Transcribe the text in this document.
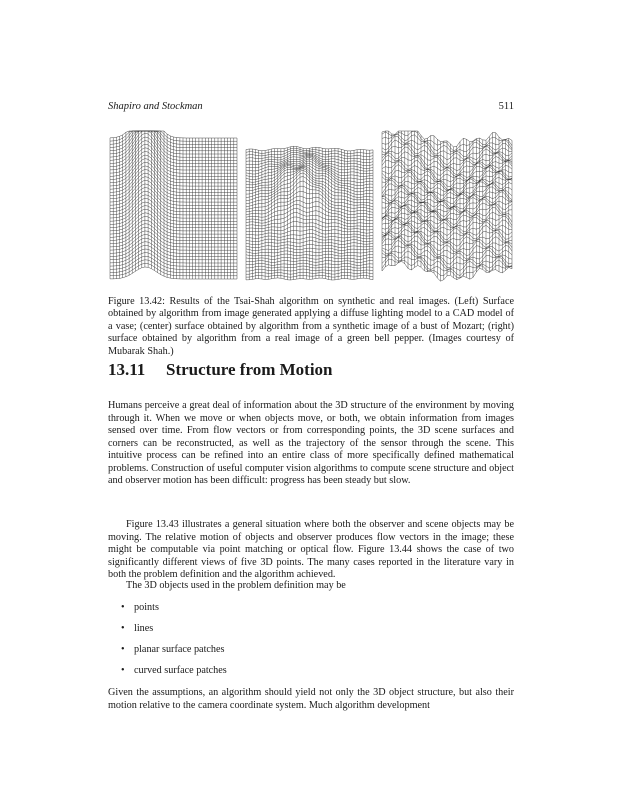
Shapiro and Stockman	511
Figure 13.42: Results of the Tsai-Shah algorithm on synthetic and real images. (Left) Surface obtained by algorithm from image generated applying a diffuse lighting model to a CAD model of a vase; (center) surface obtained by algorithm from a synthetic image of a bust of Mozart; (right) surface obtained by algorithm from a real image of a green bell pepper. (Images courtesy of Mubarak Shah.)
13.11 Structure from Motion
Humans perceive a great deal of information about the 3D structure of the environment by moving through it. When we move or when objects move, or both, we obtain information from images sensed over time. From flow vectors or from corresponding points, the 3D scene surfaces and corners can be reconstructed, as well as the trajectory of the sensor through the scene. This intuitive process can be refined into an entire class of more specifically defined mathematical problems. Construction of useful computer vision algorithms to compute scene structure and object and observer motion has been difficult: progress has been steady but slow.
Figure 13.43 illustrates a general situation where both the observer and scene objects may be moving. The relative motion of objects and observer produces flow vectors in the image; these might be computable via point matching or optical flow. Figure 13.44 shows the case of two significantly different views of five 3D points. The many cases reported in the literature vary in both the problem definition and the algorithm achieved.
The 3D objects used in the problem definition may be
• points
• lines
• planar surface patches
• curved surface patches
Given the assumptions, an algorithm should yield not only the 3D object structure, but also their motion relative to the camera coordinate system. Much algorithm development
